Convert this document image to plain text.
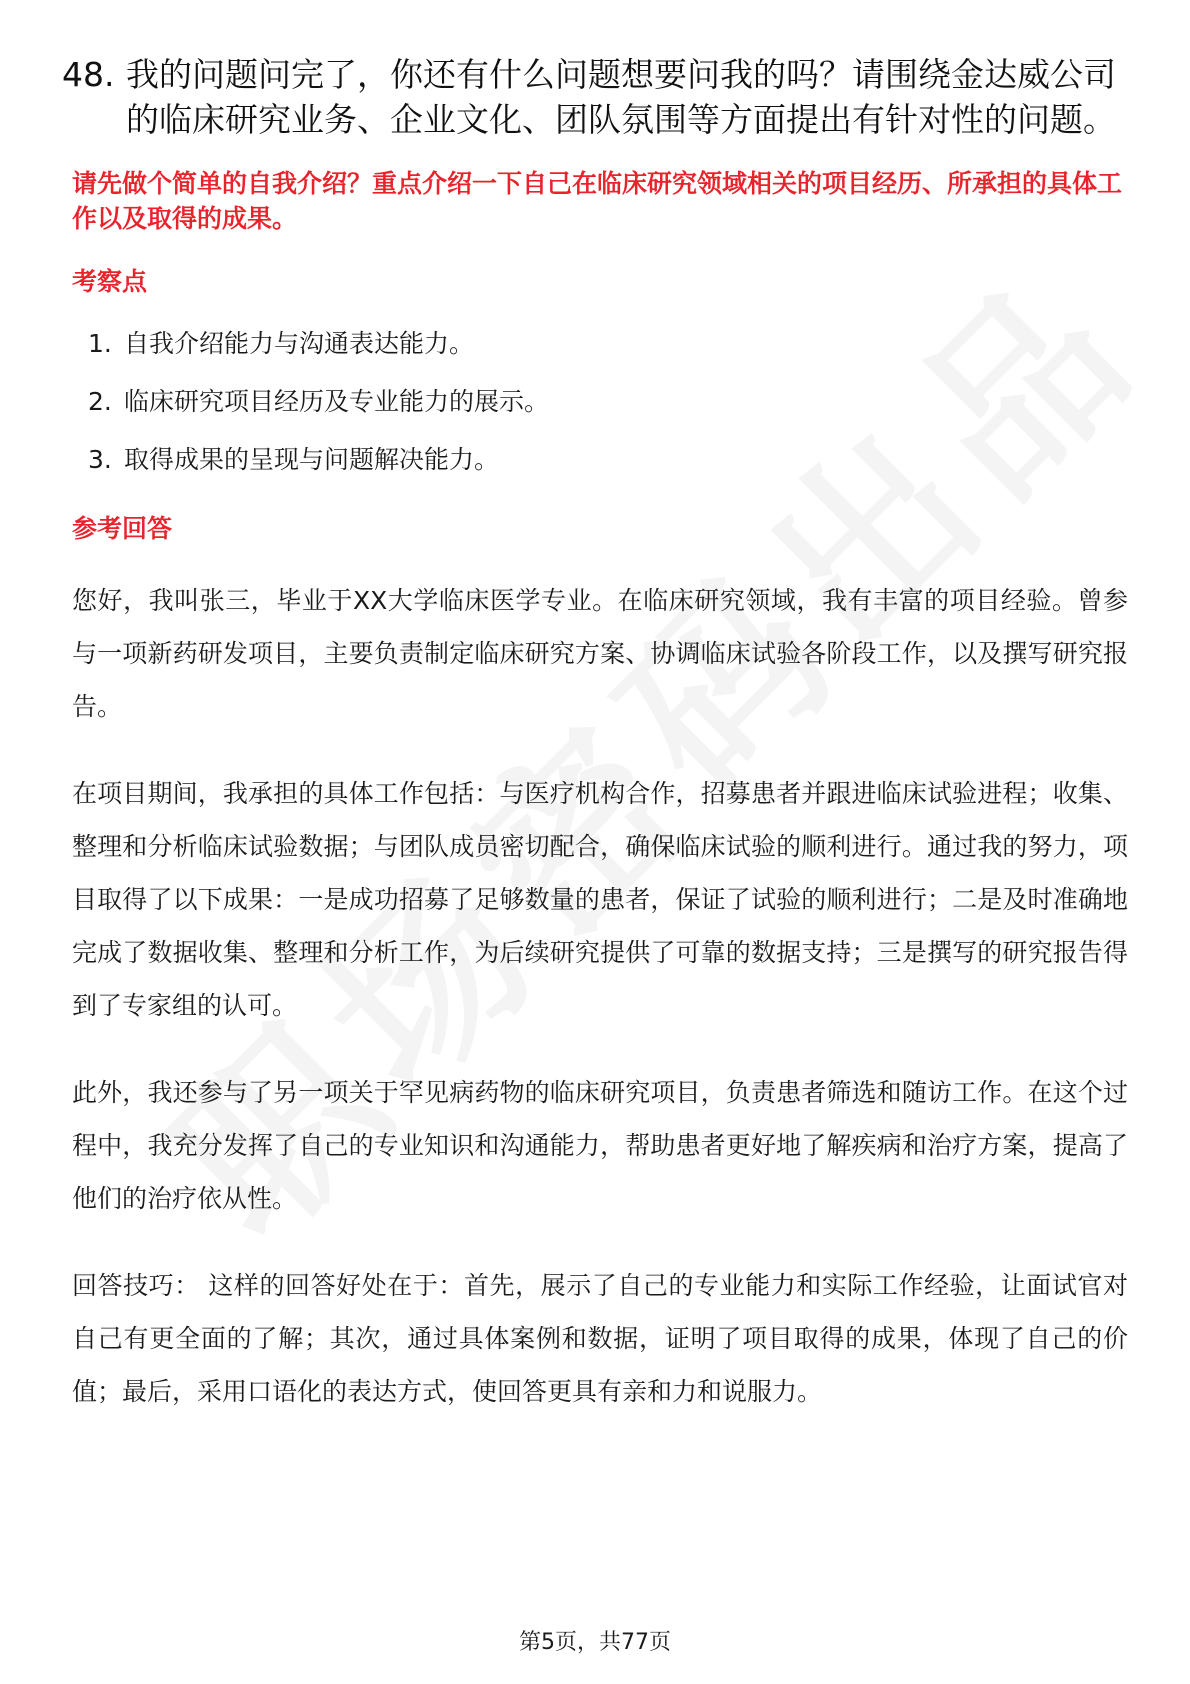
48. 我的问题问完了，你还有什么问题想要问我的吗？请围绕金达威公司的临床研究业务、企业文化、团队氛围等方面提出有针对性的问题。
请先做个简单的自我介绍？重点介绍一下自己在临床研究领域相关的项目经历、所承担的具体工作以及取得的成果。
考察点
1. 自我介绍能力与沟通表达能力。
2. 临床研究项目经历及专业能力的展示。
3. 取得成果的呈现与问题解决能力。
参考回答

您好，我叫张三，毕业于XX大学临床医学专业。在临床研究领域，我有丰富的项目经验。曾参与一项新药研发项目，主要负责制定临床研究方案、协调临床试验各阶段工作，以及撰写研究报告。

在项目期间，我承担的具体工作包括：与医疗机构合作，招募患者并跟进临床试验进程；收集、整理和分析临床试验数据；与团队成员密切配合，确保临床试验的顺利进行。通过我的努力，项目取得了以下成果：一是成功招募了足够数量的患者，保证了试验的顺利进行；二是及时准确地完成了数据收集、整理和分析工作，为后续研究提供了可靠的数据支持；三是撰写的研究报告得到了专家组的认可。

此外，我还参与了另一项关于罕见病药物的临床研究项目，负责患者筛选和随访工作。在这个过程中，我充分发挥了自己的专业知识和沟通能力，帮助患者更好地了解疾病和治疗方案，提高了他们的治疗依从性。

回答技巧： 这样的回答好处在于：首先，展示了自己的专业能力和实际工作经验，让面试官对自己有更全面的了解；其次，通过具体案例和数据，证明了项目取得的成果，体现了自己的价值；最后，采用口语化的表达方式，使回答更具有亲和力和说服力。

第5页，共77页
